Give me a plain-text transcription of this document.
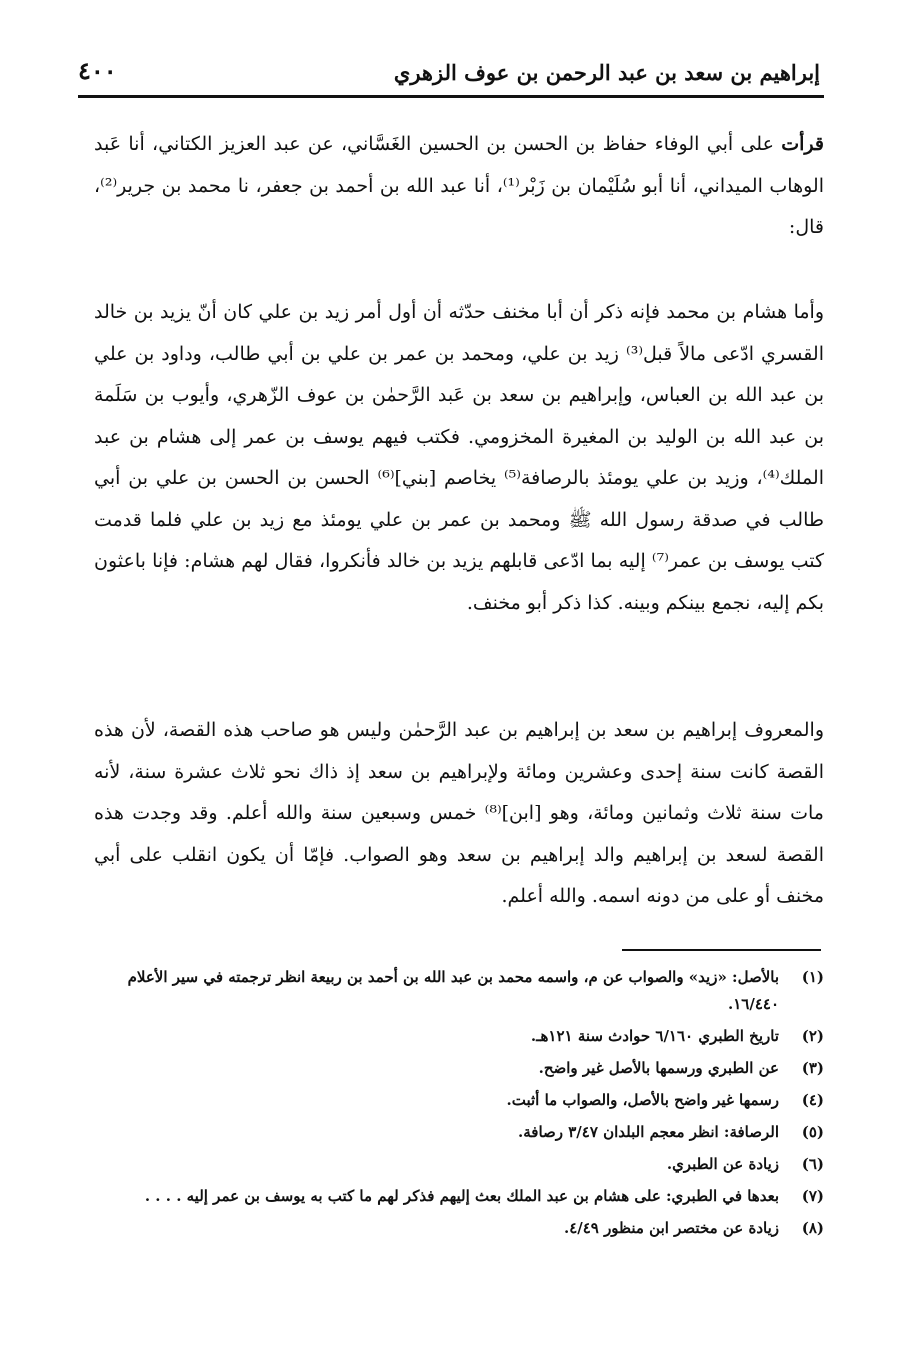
إبراهيم بن سعد بن عبد الرحمن بن عوف الزهري
٤٠٠

قرأت على أبي الوفاء حفاظ بن الحسن بن الحسين الغَسَّاني، عن عبد العزيز الكتاني، أنا عَبد الوهاب الميداني، أنا أبو سُلَيْمان بن زَبْر⁽¹⁾، أنا عبد الله بن أحمد بن جعفر، نا محمد بن جرير⁽²⁾، قال:

وأما هشام بن محمد فإنه ذكر أن أبا مخنف حدّثه أن أول أمر زيد بن علي كان أنّ يزيد بن خالد القسري ادّعى مالاً قبل⁽³⁾ زيد بن علي، ومحمد بن عمر بن علي بن أبي طالب، وداود بن علي بن عبد الله بن العباس، وإبراهيم بن سعد بن عَبد الرَّحمٰن بن عوف الزّهري، وأيوب بن سَلَمة بن عبد الله بن الوليد بن المغيرة المخزومي. فكتب فيهم يوسف بن عمر إلى هشام بن عبد الملك⁽⁴⁾، وزيد بن علي يومئذ بالرصافة⁽⁵⁾ يخاصم [بني]⁽⁶⁾ الحسن بن الحسن بن علي بن أبي طالب في صدقة رسول الله ﷺ ومحمد بن عمر بن علي يومئذ مع زيد بن علي فلما قدمت كتب يوسف بن عمر⁽⁷⁾ إليه بما ادّعى قابلهم يزيد بن خالد فأنكروا، فقال لهم هشام: فإنا باعثون بكم إليه، نجمع بينكم وبينه. كذا ذكر أبو مخنف.

والمعروف إبراهيم بن سعد بن إبراهيم بن عبد الرَّحمٰن وليس هو صاحب هذه القصة، لأن هذه القصة كانت سنة إحدى وعشرين ومائة ولإبراهيم بن سعد إذ ذاك نحو ثلاث عشرة سنة، لأنه مات سنة ثلاث وثمانين ومائة، وهو [ابن]⁽⁸⁾ خمس وسبعين سنة والله أعلم. وقد وجدت هذه القصة لسعد بن إبراهيم والد إبراهيم بن سعد وهو الصواب. فإمّا أن يكون انقلب على أبي مخنف أو على من دونه اسمه. والله أعلم.

(١)
بالأصل: «زيد» والصواب عن م، واسمه محمد بن عبد الله بن أحمد بن ربيعة انظر ترجمته في سير الأعلام ١٦/٤٤٠.
(٢)
تاريخ الطبري ٦/١٦٠ حوادث سنة ١٢١هـ.
(٣)
عن الطبري ورسمها بالأصل غير واضح.
(٤)
رسمها غير واضح بالأصل، والصواب ما أثبت.
(٥)
الرصافة: انظر معجم البلدان ٣/٤٧ رصافة.
(٦)
زيادة عن الطبري.
(٧)
بعدها في الطبري: على هشام بن عبد الملك بعث إليهم فذكر لهم ما كتب به يوسف بن عمر إليه . . . .
(٨)
زيادة عن مختصر ابن منظور ٤/٤٩.
